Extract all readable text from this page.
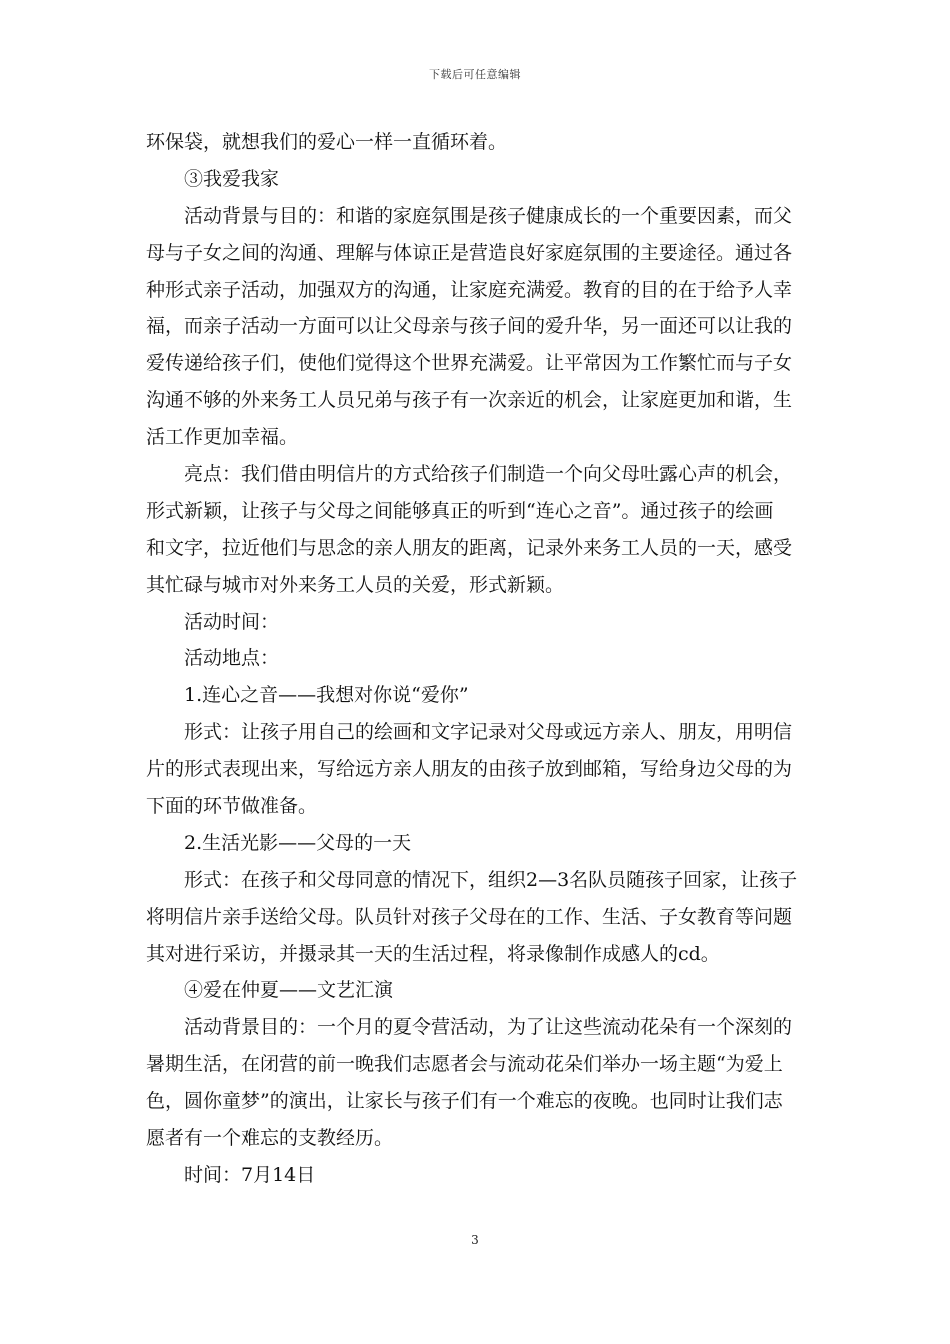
下载后可任意编辑

环保袋，就想我们的爱心一样一直循环着。

③我爱我家

活动背景与目的：和谐的家庭氛围是孩子健康成长的一个重要因素，而父

母与子女之间的沟通、理解与体谅正是营造良好家庭氛围的主要途径。通过各

种形式亲子活动，加强双方的沟通，让家庭充满爱。教育的目的在于给予人幸

福，而亲子活动一方面可以让父母亲与孩子间的爱升华，另一面还可以让我的

爱传递给孩子们，使他们觉得这个世界充满爱。让平常因为工作繁忙而与子女

沟通不够的外来务工人员兄弟与孩子有一次亲近的机会，让家庭更加和谐，生

活工作更加幸福。

亮点：我们借由明信片的方式给孩子们制造一个向父母吐露心声的机会，

形式新颖，让孩子与父母之间能够真正的听到“连心之音”。通过孩子的绘画

和文字，拉近他们与思念的亲人朋友的距离，记录外来务工人员的一天，感受

其忙碌与城市对外来务工人员的关爱，形式新颖。

活动时间：

活动地点：

1.连心之音——我想对你说“爱你”

形式：让孩子用自己的绘画和文字记录对父母或远方亲人、朋友，用明信

片的形式表现出来，写给远方亲人朋友的由孩子放到邮箱，写给身边父母的为

下面的环节做准备。

2.生活光影——父母的一天

形式：在孩子和父母同意的情况下，组织2—3名队员随孩子回家，让孩子

将明信片亲手送给父母。队员针对孩子父母在的工作、生活、子女教育等问题

其对进行采访，并摄录其一天的生活过程，将录像制作成感人的cd。

④爱在仲夏——文艺汇演

活动背景目的：一个月的夏令营活动，为了让这些流动花朵有一个深刻的

暑期生活，在闭营的前一晚我们志愿者会与流动花朵们举办一场主题“为爱上

色，圆你童梦”的演出，让家长与孩子们有一个难忘的夜晚。也同时让我们志

愿者有一个难忘的支教经历。

时间：7月14日

3
